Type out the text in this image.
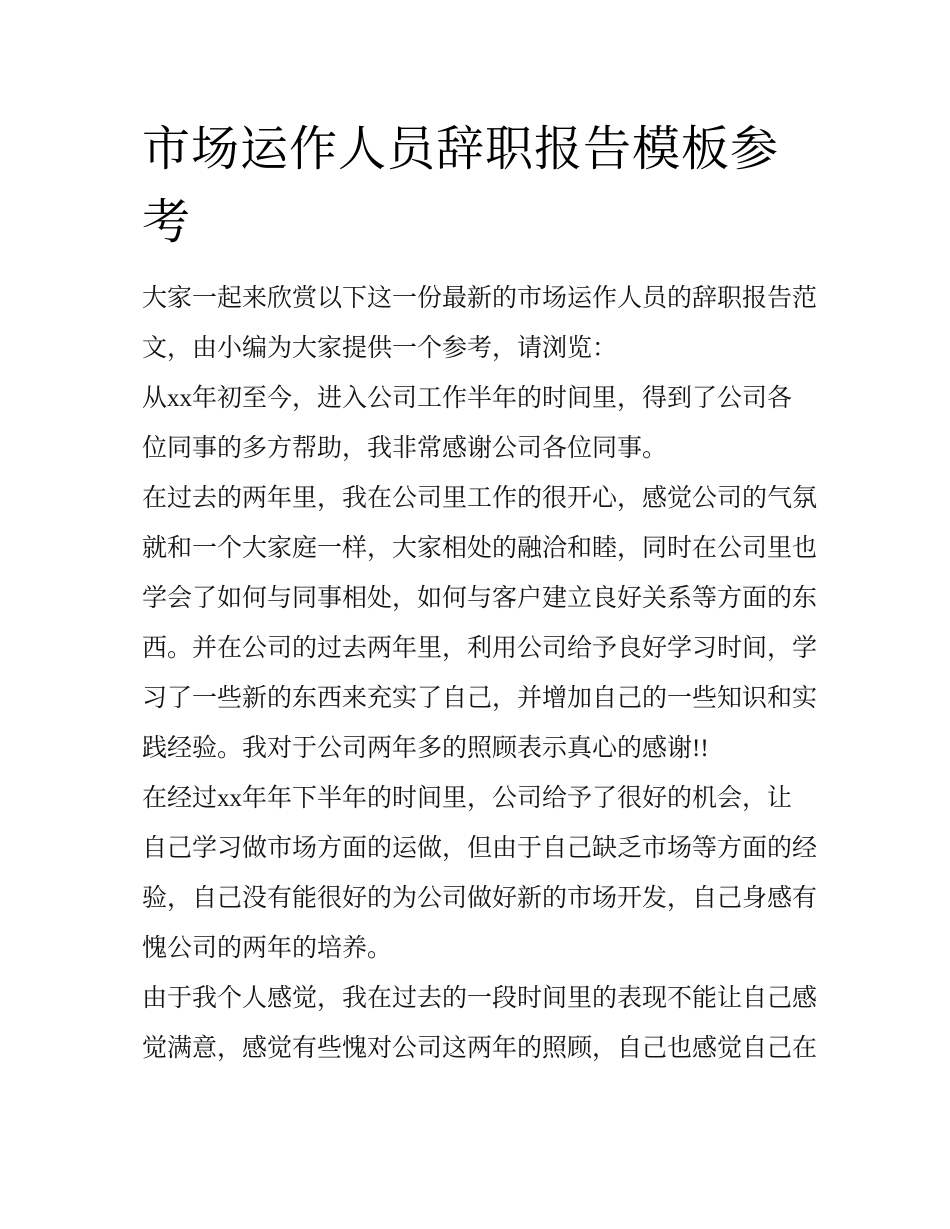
市场运作人员辞职报告模板参
考
大家一起来欣赏以下这一份最新的市场运作人员的辞职报告范
文，由小编为大家提供一个参考，请浏览：
从xx年初至今，进入公司工作半年的时间里，得到了公司各
位同事的多方帮助，我非常感谢公司各位同事。
在过去的两年里，我在公司里工作的很开心，感觉公司的气氛
就和一个大家庭一样，大家相处的融洽和睦，同时在公司里也
学会了如何与同事相处，如何与客户建立良好关系等方面的东
西。并在公司的过去两年里，利用公司给予良好学习时间，学
习了一些新的东西来充实了自己，并增加自己的一些知识和实
践经验。我对于公司两年多的照顾表示真心的感谢!!
在经过xx年年下半年的时间里，公司给予了很好的机会，让
自己学习做市场方面的运做，但由于自己缺乏市场等方面的经
验，自己没有能很好的为公司做好新的市场开发，自己身感有
愧公司的两年的培养。
由于我个人感觉，我在过去的一段时间里的表现不能让自己感
觉满意，感觉有些愧对公司这两年的照顾，自己也感觉自己在
